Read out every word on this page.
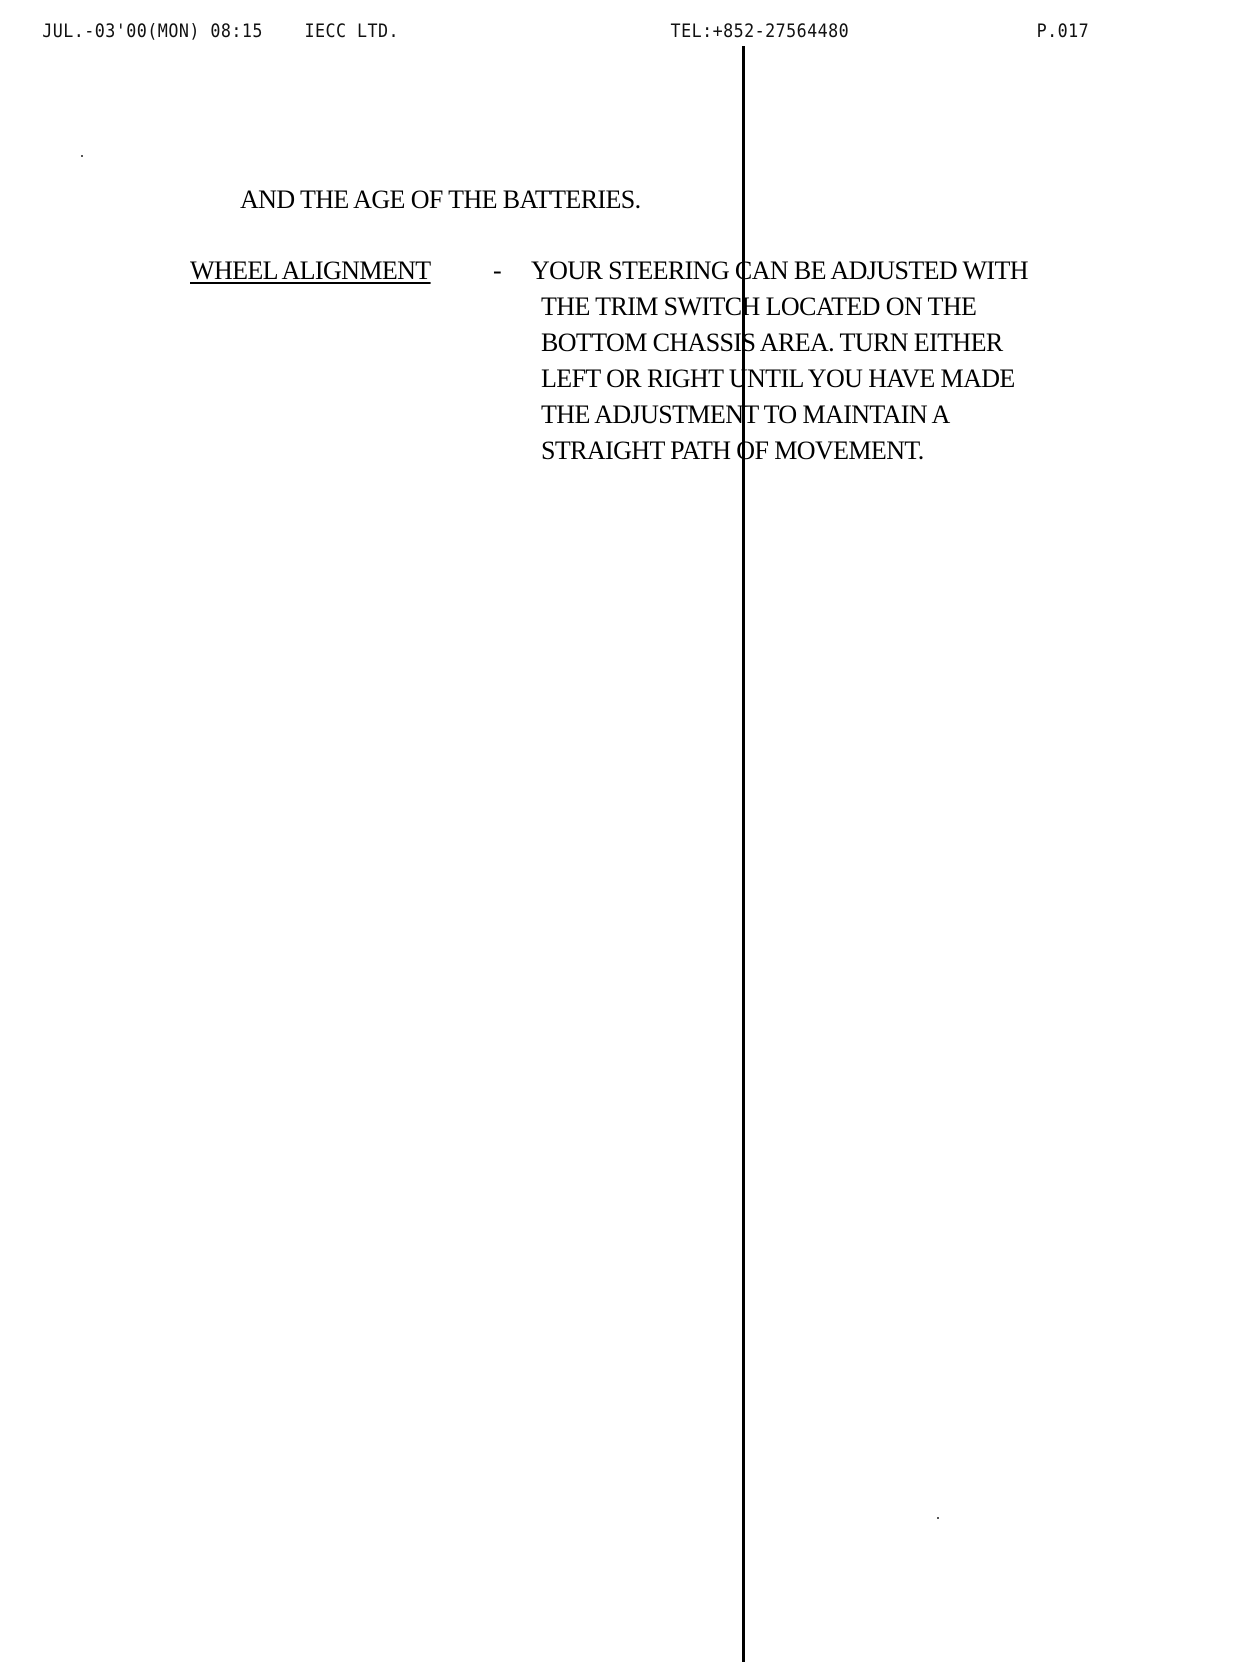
JUL.-03'00(MON) 08:15 IECC LTD.	TEL:+852-27564480	P.017
AND THE AGE OF THE BATTERIES.
WHEEL ALIGNMENT - YOUR STEERING CAN BE ADJUSTED WITH
THE TRIM SWITCH LOCATED ON THE
BOTTOM CHASSIS AREA. TURN EITHER
LEFT OR RIGHT UNTIL YOU HAVE MADE
THE ADJUSTMENT TO MAINTAIN A
STRAIGHT PATH OF MOVEMENT.
